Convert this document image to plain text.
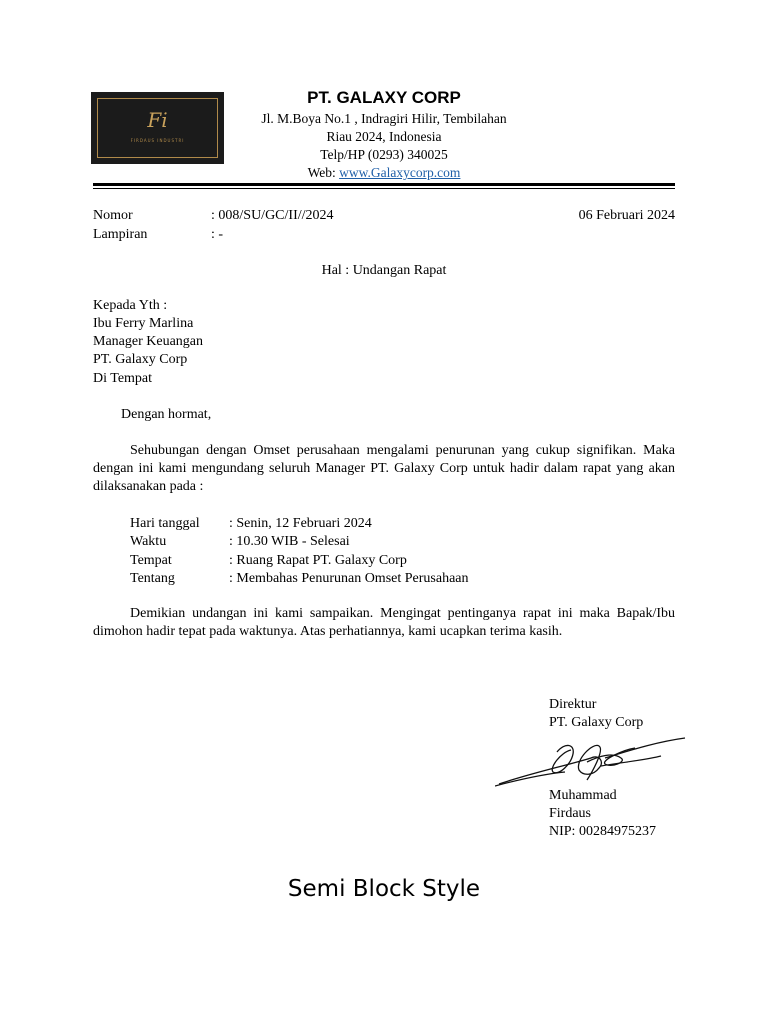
Fi
FIRDAUS INDUSTRI
PT. GALAXY CORP
Jl. M.Boya No.1 , Indragiri Hilir, Tembilahan
Riau 2024, Indonesia
Telp/HP (0293) 340025
Web: www.Galaxycorp.com
Nomor	: 008/SU/GC/II//2024	06 Februari 2024
Lampiran	: -
Hal : Undangan Rapat
Kepada Yth :
Ibu Ferry Marlina
Manager Keuangan
PT. Galaxy Corp
Di Tempat
Dengan hormat,
Sehubungan dengan Omset perusahaan mengalami penurunan yang cukup signifikan. Maka dengan ini kami mengundang seluruh Manager PT. Galaxy Corp untuk hadir dalam rapat yang akan dilaksanakan pada :
Hari tanggal : Senin, 12 Februari 2024
Waktu	: 10.30 WIB - Selesai
Tempat	: Ruang Rapat PT. Galaxy Corp
Tentang	: Membahas Penurunan Omset Perusahaan
Demikian undangan ini kami sampaikan. Mengingat pentinganya rapat ini maka Bapak/Ibu dimohon hadir tepat pada waktunya. Atas perhatiannya, kami ucapkan terima kasih.
Direktur
PT. Galaxy Corp
Muhammad
Firdaus
NIP: 00284975237
Semi Block Style
